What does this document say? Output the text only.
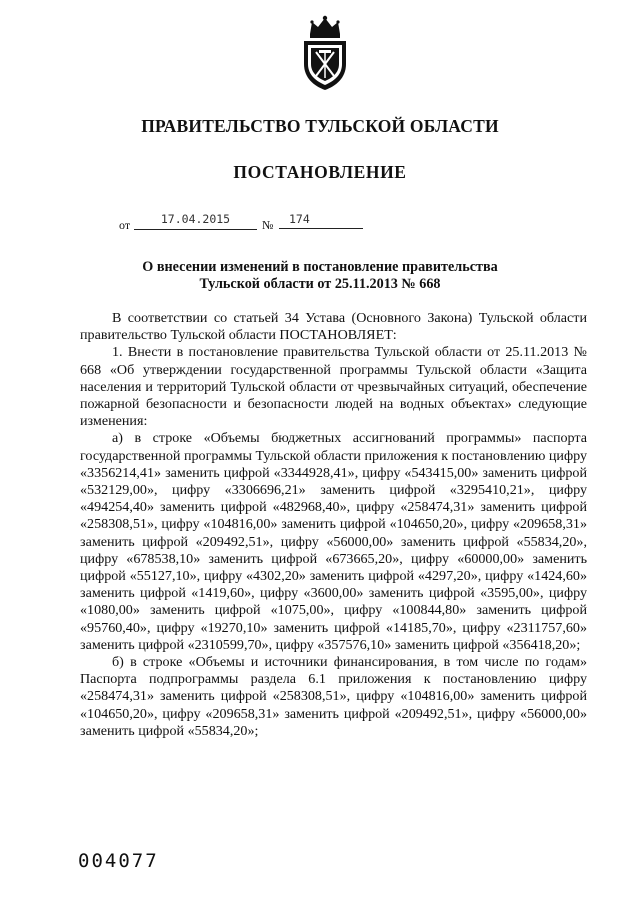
ПРАВИТЕЛЬСТВО ТУЛЬСКОЙ ОБЛАСТИ
ПОСТАНОВЛЕНИЕ
от	17.04.2015	№	174
О внесении изменений в постановление правительства
Тульской области от 25.11.2013 № 668

В соответствии со статьей 34 Устава (Основного Закона) Тульской области правительство Тульской области ПОСТАНОВЛЯЕТ:

1. Внести в постановление правительства Тульской области от 25.11.2013 № 668 «Об утверждении государственной программы Тульской области «Защита населения и территорий Тульской области от чрезвычайных ситуаций, обеспечение пожарной безопасности и безопасности людей на водных объектах» следующие изменения:

а) в строке «Объемы бюджетных ассигнований программы» паспорта государственной программы Тульской области приложения к постановлению цифру «3356214,41» заменить цифрой «3344928,41», цифру «543415,00» заменить цифрой «532129,00», цифру «3306696,21» заменить цифрой «3295410,21», цифру «494254,40» заменить цифрой «482968,40», цифру «258474,31» заменить цифрой «258308,51», цифру «104816,00» заменить цифрой «104650,20», цифру «209658,31» заменить цифрой «209492,51», цифру «56000,00» заменить цифрой «55834,20», цифру «678538,10» заменить цифрой «673665,20», цифру «60000,00» заменить цифрой «55127,10», цифру «4302,20» заменить цифрой «4297,20», цифру «1424,60» заменить цифрой «1419,60», цифру «3600,00» заменить цифрой «3595,00», цифру «1080,00» заменить цифрой «1075,00», цифру «100844,80» заменить цифрой «95760,40», цифру «19270,10» заменить цифрой «14185,70», цифру «2311757,60» заменить цифрой «2310599,70», цифру «357576,10» заменить цифрой «356418,20»;

б) в строке «Объемы и источники финансирования, в том числе по годам» Паспорта подпрограммы раздела 6.1 приложения к постановлению цифру «258474,31» заменить цифрой «258308,51», цифру «104816,00» заменить цифрой «104650,20», цифру «209658,31» заменить цифрой «209492,51», цифру «56000,00» заменить цифрой «55834,20»;

004077
